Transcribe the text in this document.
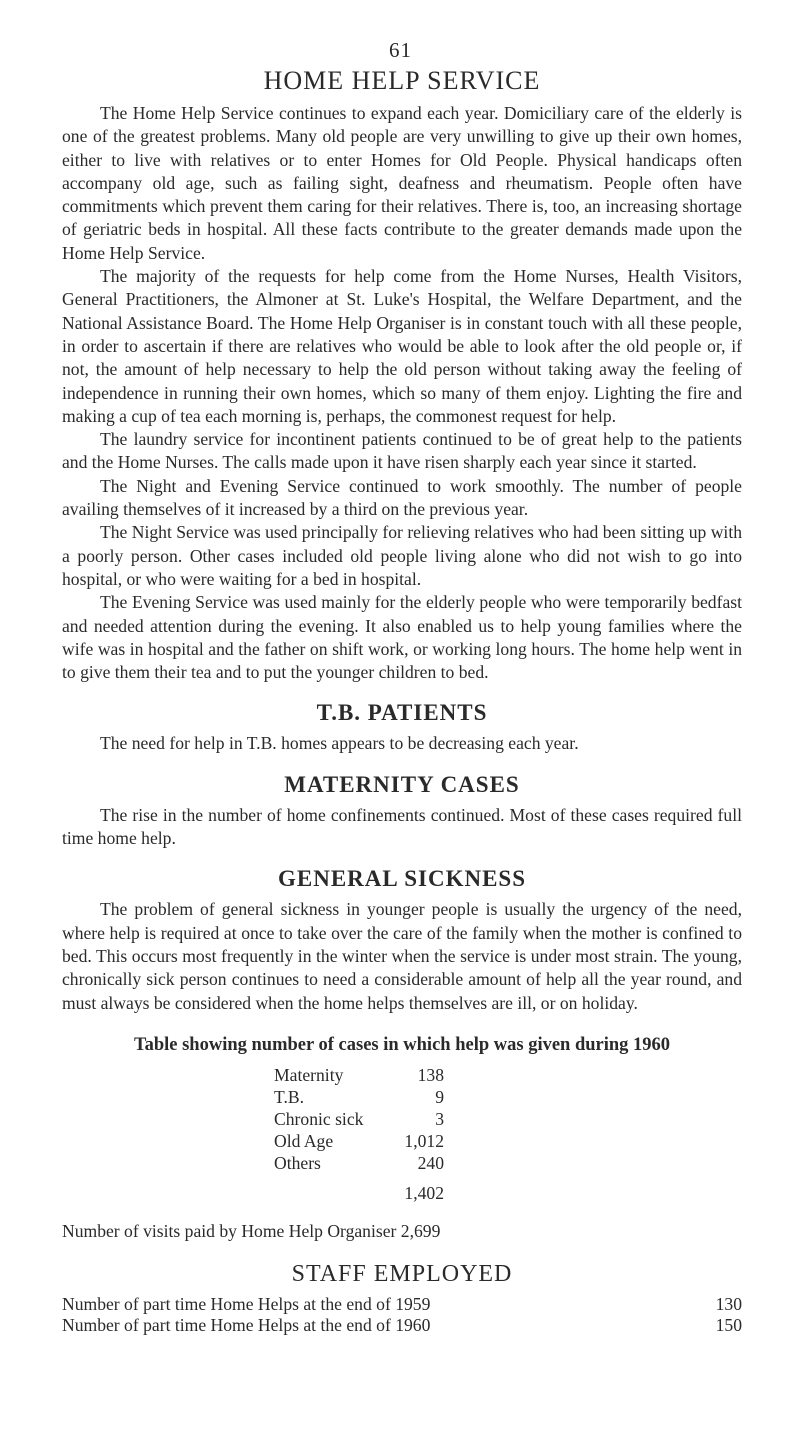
61
HOME HELP SERVICE

The Home Help Service continues to expand each year. Domiciliary care of the elderly is one of the greatest problems. Many old people are very unwilling to give up their own homes, either to live with relatives or to enter Homes for Old People. Physical handicaps often accompany old age, such as failing sight, deafness and rheumatism. People often have commitments which prevent them caring for their relatives. There is, too, an increasing shortage of geriatric beds in hospital. All these facts contribute to the greater demands made upon the Home Help Service.

The majority of the requests for help come from the Home Nurses, Health Visitors, General Practitioners, the Almoner at St. Luke's Hospital, the Welfare Department, and the National Assistance Board. The Home Help Organiser is in constant touch with all these people, in order to ascertain if there are relatives who would be able to look after the old people or, if not, the amount of help necessary to help the old person without taking away the feeling of independence in running their own homes, which so many of them enjoy. Lighting the fire and making a cup of tea each morning is, perhaps, the commonest request for help.

The laundry service for incontinent patients continued to be of great help to the patients and the Home Nurses. The calls made upon it have risen sharply each year since it started.

The Night and Evening Service continued to work smoothly. The number of people availing themselves of it increased by a third on the previous year.

The Night Service was used principally for relieving relatives who had been sitting up with a poorly person. Other cases included old people living alone who did not wish to go into hospital, or who were waiting for a bed in hospital.

The Evening Service was used mainly for the elderly people who were temporarily bedfast and needed attention during the evening. It also enabled us to help young families where the wife was in hospital and the father on shift work, or working long hours. The home help went in to give them their tea and to put the younger children to bed.

T.B. PATIENTS

The need for help in T.B. homes appears to be decreasing each year.

MATERNITY CASES

The rise in the number of home confinements continued. Most of these cases required full time home help.

GENERAL SICKNESS

The problem of general sickness in younger people is usually the urgency of the need, where help is required at once to take over the care of the family when the mother is confined to bed. This occurs most frequently in the winter when the service is under most strain. The young, chronically sick person continues to need a considerable amount of help all the year round, and must always be considered when the home helps themselves are ill, or on holiday.

Table showing number of cases in which help was given during 1960
Maternity	138
T.B.	9
Chronic sick	3
Old Age	1,012
Others	240
1,402
Number of visits paid by Home Help Organiser 2,699
STAFF EMPLOYED
Number of part time Home Helps at the end of 1959	130
Number of part time Home Helps at the end of 1960	150
